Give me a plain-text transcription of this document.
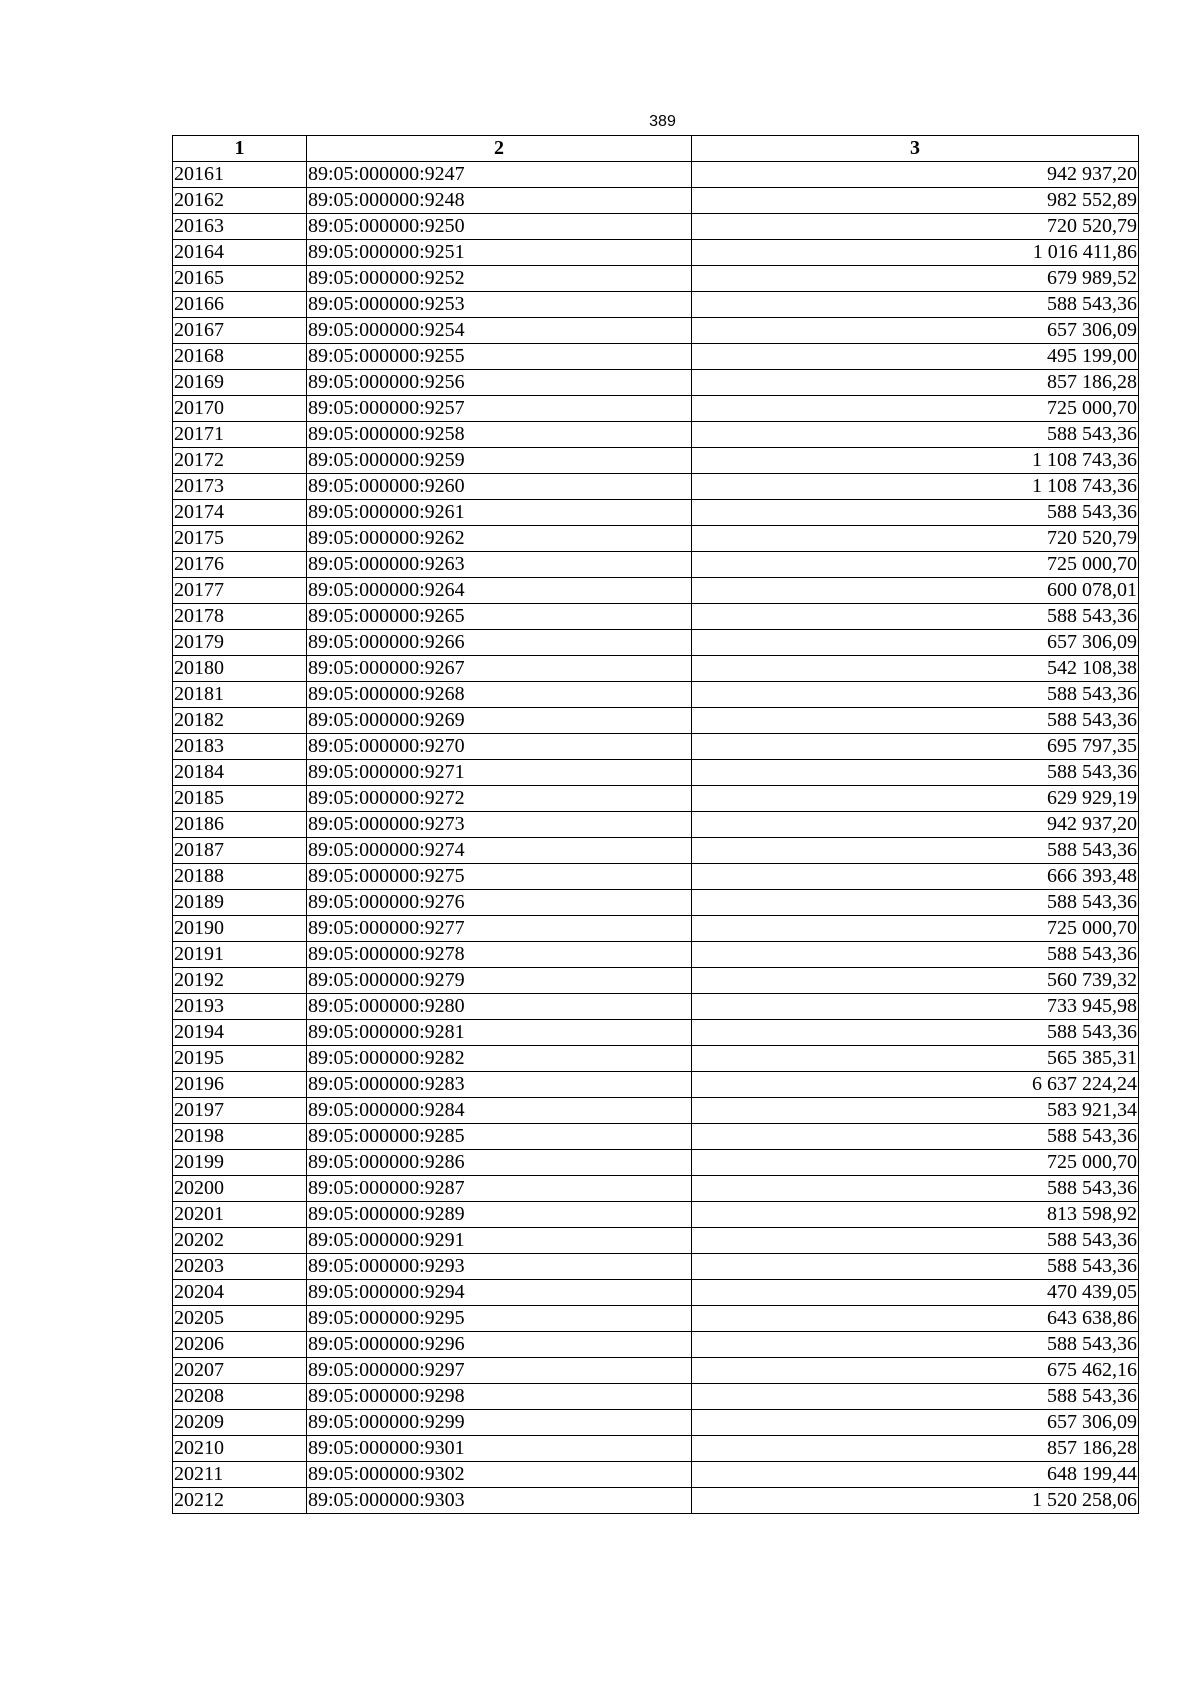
389
1	2	3
20161	89:05:000000:9247	942 937,20
20162	89:05:000000:9248	982 552,89
20163	89:05:000000:9250	720 520,79
20164	89:05:000000:9251	1 016 411,86
20165	89:05:000000:9252	679 989,52
20166	89:05:000000:9253	588 543,36
20167	89:05:000000:9254	657 306,09
20168	89:05:000000:9255	495 199,00
20169	89:05:000000:9256	857 186,28
20170	89:05:000000:9257	725 000,70
20171	89:05:000000:9258	588 543,36
20172	89:05:000000:9259	1 108 743,36
20173	89:05:000000:9260	1 108 743,36
20174	89:05:000000:9261	588 543,36
20175	89:05:000000:9262	720 520,79
20176	89:05:000000:9263	725 000,70
20177	89:05:000000:9264	600 078,01
20178	89:05:000000:9265	588 543,36
20179	89:05:000000:9266	657 306,09
20180	89:05:000000:9267	542 108,38
20181	89:05:000000:9268	588 543,36
20182	89:05:000000:9269	588 543,36
20183	89:05:000000:9270	695 797,35
20184	89:05:000000:9271	588 543,36
20185	89:05:000000:9272	629 929,19
20186	89:05:000000:9273	942 937,20
20187	89:05:000000:9274	588 543,36
20188	89:05:000000:9275	666 393,48
20189	89:05:000000:9276	588 543,36
20190	89:05:000000:9277	725 000,70
20191	89:05:000000:9278	588 543,36
20192	89:05:000000:9279	560 739,32
20193	89:05:000000:9280	733 945,98
20194	89:05:000000:9281	588 543,36
20195	89:05:000000:9282	565 385,31
20196	89:05:000000:9283	6 637 224,24
20197	89:05:000000:9284	583 921,34
20198	89:05:000000:9285	588 543,36
20199	89:05:000000:9286	725 000,70
20200	89:05:000000:9287	588 543,36
20201	89:05:000000:9289	813 598,92
20202	89:05:000000:9291	588 543,36
20203	89:05:000000:9293	588 543,36
20204	89:05:000000:9294	470 439,05
20205	89:05:000000:9295	643 638,86
20206	89:05:000000:9296	588 543,36
20207	89:05:000000:9297	675 462,16
20208	89:05:000000:9298	588 543,36
20209	89:05:000000:9299	657 306,09
20210	89:05:000000:9301	857 186,28
20211	89:05:000000:9302	648 199,44
20212	89:05:000000:9303	1 520 258,06
